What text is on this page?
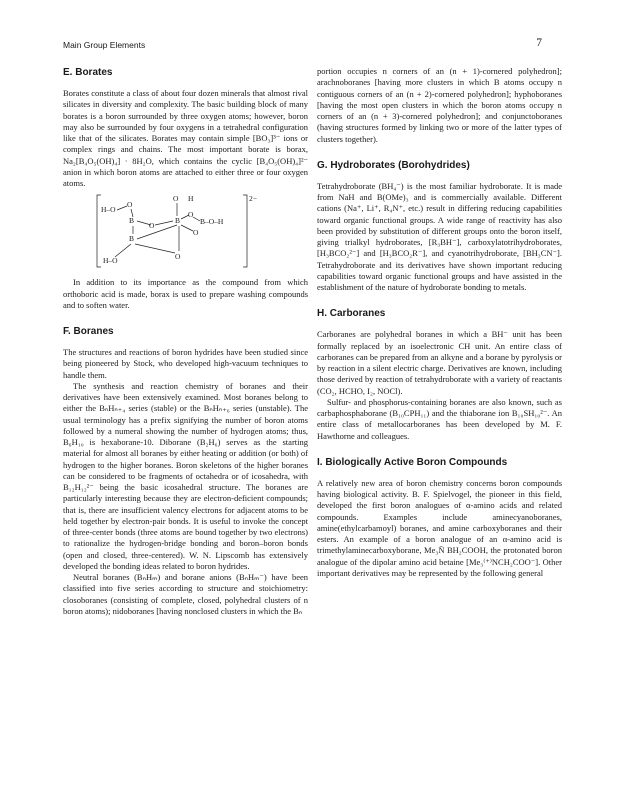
Main Group Elements	7
E. Borates

Borates constitute a class of about four dozen minerals that almost rival silicates in diversity and complexity. The basic building block of many borates is a boron surrounded by three oxygen atoms; however, boron may also be surrounded by four oxygens in a tetrahedral configuration like that of the silicates. Borates may contain simple [BO₃]³⁻ ions or complex rings and chains. The most important borate is borax, Na₂[B₄O₅(OH)₄] · 8H₂O, which contains the cyclic [B₄O₅(OH)₄]²⁻ anion in which boron atoms are attached to either three or four oxygen atoms.

2−
O H
H–O
O
B	B
O
B–O–H
O
O
B
H–O	O

In addition to its importance as the compound from which orthoboric acid is made, borax is used to prepare washing compounds and to soften water.

F. Boranes

The structures and reactions of boron hydrides have been studied since being pioneered by Stock, who developed high-vacuum techniques to handle them.

The synthesis and reaction chemistry of boranes and their derivatives have been extensively examined. Most boranes belong to either the BₙHₙ₊₄ series (stable) or the BₙHₙ₊₆ series (unstable). The usual terminology has a prefix signifying the number of boron atoms followed by a numeral showing the number of hydrogen atoms; thus, B₆H₁₀ is hexaborane-10. Diborane (B₂H₆) serves as the starting material for almost all boranes by either heating or addition (or both) of hydrogen to the higher boranes. Boron skeletons of the higher boranes can be considered to be fragments of octahedra or of icosahedra, with B₁₂H₁₂²⁻ being the basic icosahedral structure. The boranes are particularly interesting because they are electron-deficient compounds; that is, there are insufficient valency electrons for adjacent atoms to be held together by electron-pair bonds. It is useful to invoke the concept of three-center bonds (three atoms are bound together by two electrons) to rationalize the hydrogen-bridge bonding and boron–boron bonds (open and closed, three-centered). W. N. Lipscomb has extensively developed the bonding ideas related to boron hydrides.

Neutral boranes (BₙHₘ) and borane anions (BₙHₘ⁻) have been classified into five series according to structure and stoichiometry: closoboranes (consisting of complete, closed, polyhedral clusters of n boron atoms); nidoboranes [having nonclosed clusters in which the Bₙ

portion occupies n corners of an (n + 1)-cornered polyhedron]; arachnoboranes [having more clusters in which B atoms occupy n contiguous corners of an (n + 2)-cornered polyhedron]; hyphoboranes [having the most open clusters in which the boron atoms occupy n corners of an (n + 3)-cornered polyhedron]; and conjunctoboranes (having structures formed by linking two or more of the latter types of clusters together).

G. Hydroborates (Borohydrides)

Tetrahydroborate (BH₄⁻) is the most familiar hydroborate. It is made from NaH and B(OMe)₃ and is commercially available. Different cations (Na⁺, Li⁺, R₄N⁺, etc.) result in differing reducing capabilities toward organic functional groups. A wide range of reactivity has also been provided by substitution of different groups onto the boron itself, giving trialkyl hydroborates, [R₃BH⁻], carboxylatotrihydroborates, [H₃BCO₂²⁻] and [H₃BCO₂R⁻], and cyanotrihydroborate, [BH₃CN⁻]. Tetrahydroborate and its derivatives have shown important reducing capabilities toward organic functional groups and have assisted in the establishment of the nature of hydroborate bonding to metals.

H. Carboranes

Carboranes are polyhedral boranes in which a BH⁻ unit has been formally replaced by an isoelectronic CH unit. An entire class of carboranes can be prepared from an alkyne and a borane by pyrolysis or by reaction in a silent electric charge. Derivatives are known, including those derived by reaction of tetrahydroborate with a variety of reactants (CO₂, HCHO, I₂, NOCl).

Sulfur- and phosphorus-containing boranes are also known, such as carbaphosphaborane (B₁₀CPH₁₁) and the thiaborane ion B₁₀SH₁₀²⁻. An entire class of metallocarboranes has been developed by M. F. Hawthorne and colleagues.

I. Biologically Active Boron Compounds

A relatively new area of boron chemistry concerns boron compounds having biological activity. B. F. Spielvogel, the pioneer in this field, developed the first boron analogues of α-amino acids and related compounds. Examples include aminecyanoboranes, amine(ethylcarbamoyl) boranes, and amine carboxyboranes and their esters. An example of a boron analogue of an α-amino acid is trimethylaminecarboxyborane, Me₃N̄ BH₂COOH, the protonated boron analogue of the dipolar amino acid betaine [Me₃⁽⁺⁾NCH₂COO⁻]. Other important derivatives may be represented by the following general
